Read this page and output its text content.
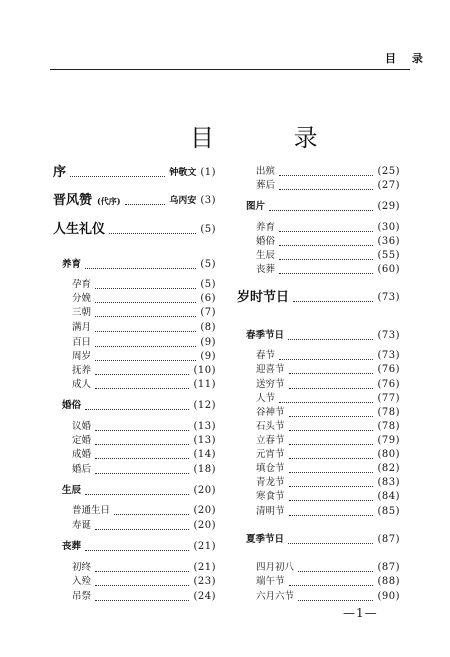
目 录
目 录
序	钟敬文 (1)
晋风赞 (代序)	乌丙安 (3)
人生礼仪	(5)
养育	(5)
孕育	(5)
分娩	(6)
三朝	(7)
满月	(8)
百日	(9)
周岁	(9)
抚养	(10)
成人	(11)
婚俗	(12)
议婚	(13)
定婚	(13)
成婚	(14)
婚后	(18)
生辰	(20)
普通生日	(20)
寿诞	(20)
丧葬	(21)
初终	(21)
入殓	(23)
吊祭	(24)
出殡	(25)
葬后	(27)
图片	(29)
养育	(30)
婚俗	(36)
生辰	(55)
丧葬	(60)
岁时节日	(73)
春季节日	(73)
春节	(73)
迎喜节	(76)
送穷节	(76)
人节	(77)
谷神节	(78)
石头节	(78)
立春节	(79)
元宵节	(80)
填仓节	(82)
青龙节	(83)
寒食节	(84)
清明节	(85)
夏季节日	(87)
四月初八	(87)
端午节	(88)
六月六节	(90)
—1—
